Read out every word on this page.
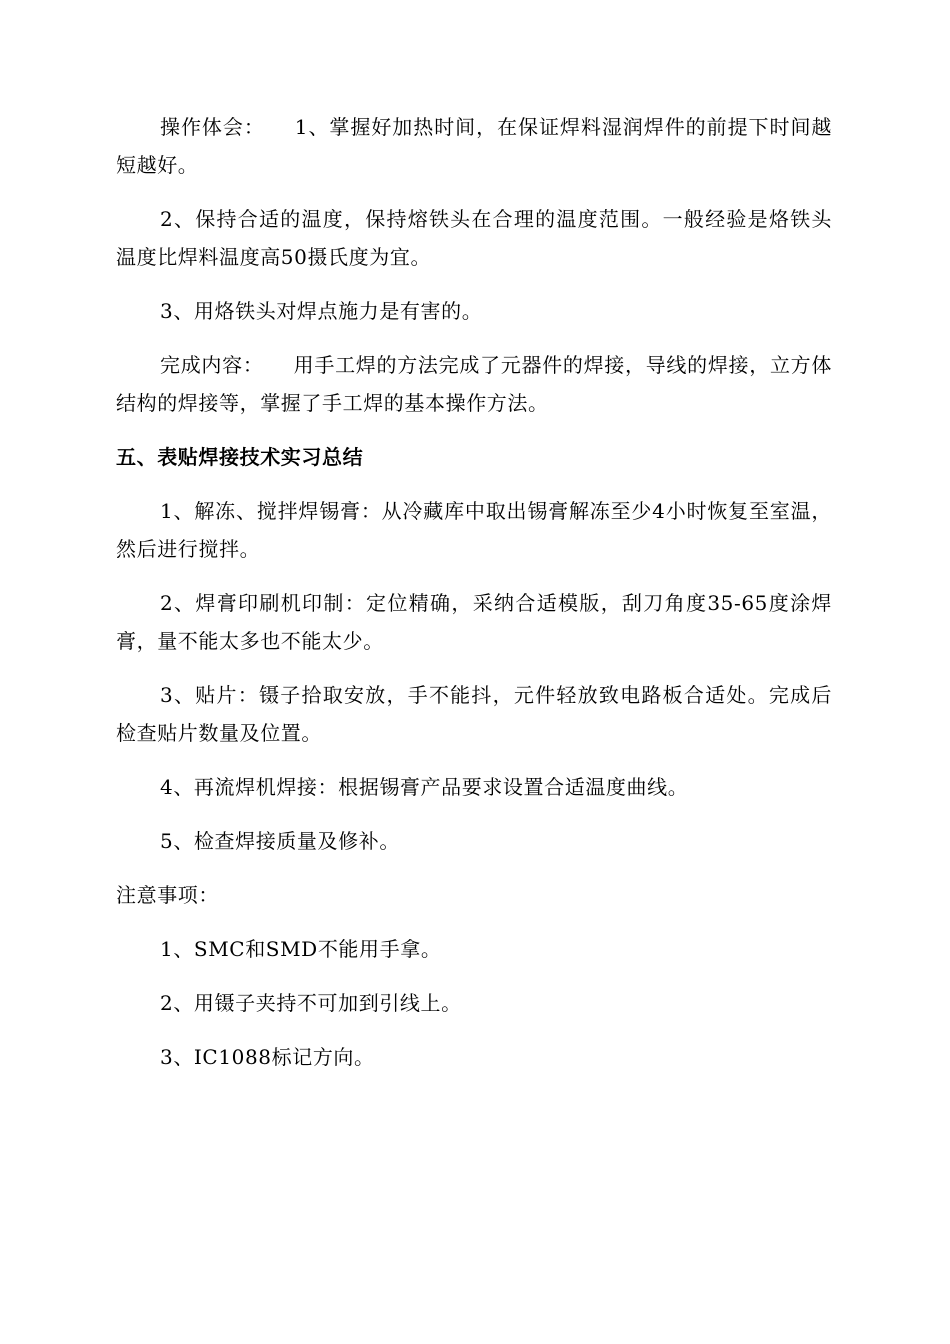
操作体会： 1、掌握好加热时间，在保证焊料湿润焊件的前提下时间越短越好。

2、保持合适的温度，保持熔铁头在合理的温度范围。一般经验是烙铁头温度比焊料温度高50摄氏度为宜。

3、用烙铁头对焊点施力是有害的。

完成内容： 用手工焊的方法完成了元器件的焊接，导线的焊接，立方体结构的焊接等，掌握了手工焊的基本操作方法。

五、表贴焊接技术实习总结

1、解冻、搅拌焊锡膏：从冷藏库中取出锡膏解冻至少4小时恢复至室温，然后进行搅拌。

2、焊膏印刷机印制：定位精确，采纳合适模版，刮刀角度35-65度涂焊膏，量不能太多也不能太少。

3、贴片：镊子拾取安放，手不能抖，元件轻放致电路板合适处。完成后检查贴片数量及位置。

4、再流焊机焊接：根据锡膏产品要求设置合适温度曲线。

5、检查焊接质量及修补。

注意事项：

1、SMC和SMD不能用手拿。

2、用镊子夹持不可加到引线上。

3、IC1088标记方向。
